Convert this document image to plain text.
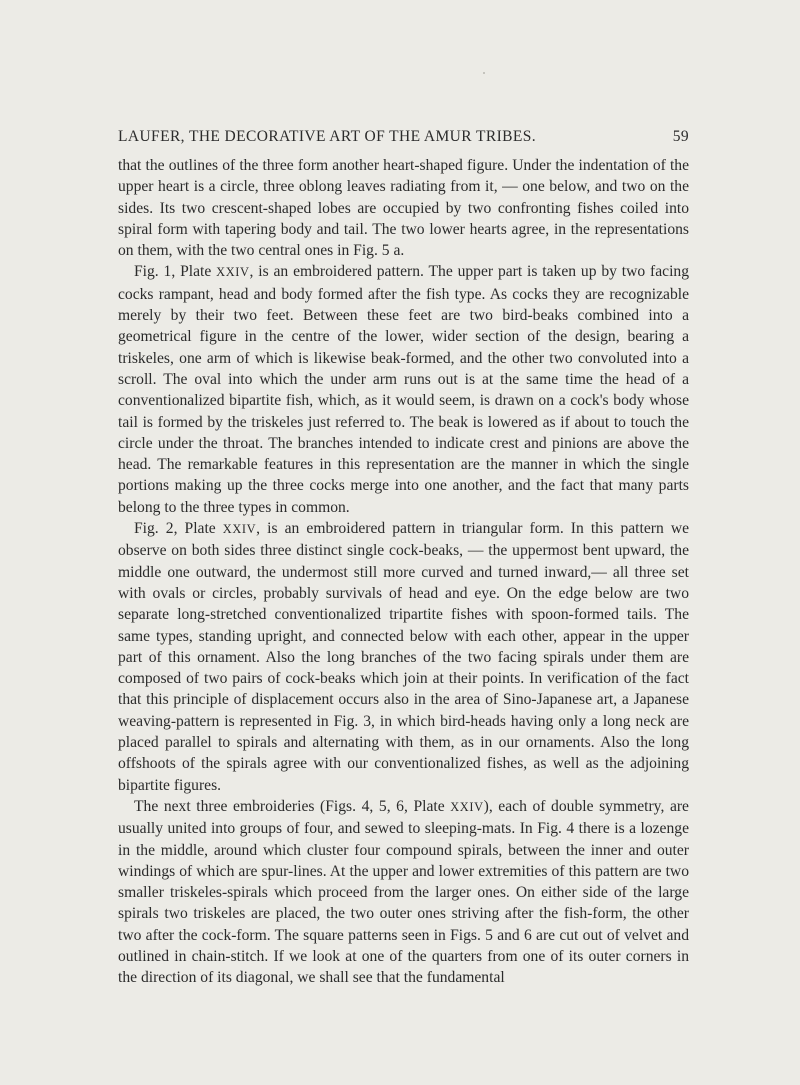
LAUFER, THE DECORATIVE ART OF THE AMUR TRIBES.	59

that the outlines of the three form another heart-shaped figure. Under the indentation of the upper heart is a circle, three oblong leaves radiating from it, — one below, and two on the sides. Its two crescent-shaped lobes are occupied by two confronting fishes coiled into spiral form with tapering body and tail. The two lower hearts agree, in the representations on them, with the two central ones in Fig. 5 a.

Fig. 1, Plate XXIV, is an embroidered pattern. The upper part is taken up by two facing cocks rampant, head and body formed after the fish type. As cocks they are recognizable merely by their two feet. Between these feet are two bird-beaks combined into a geometrical figure in the centre of the lower, wider section of the design, bearing a triskeles, one arm of which is likewise beak-formed, and the other two convoluted into a scroll. The oval into which the under arm runs out is at the same time the head of a conventionalized bipartite fish, which, as it would seem, is drawn on a cock's body whose tail is formed by the triskeles just referred to. The beak is lowered as if about to touch the circle under the throat. The branches intended to indicate crest and pinions are above the head. The remarkable features in this representation are the manner in which the single portions making up the three cocks merge into one another, and the fact that many parts belong to the three types in common.

Fig. 2, Plate XXIV, is an embroidered pattern in triangular form. In this pattern we observe on both sides three distinct single cock-beaks, — the uppermost bent upward, the middle one outward, the undermost still more curved and turned inward,— all three set with ovals or circles, probably survivals of head and eye. On the edge below are two separate long-stretched conventionalized tripartite fishes with spoon-formed tails. The same types, standing upright, and connected below with each other, appear in the upper part of this ornament. Also the long branches of the two facing spirals under them are composed of two pairs of cock-beaks which join at their points. In verification of the fact that this principle of displacement occurs also in the area of Sino-Japanese art, a Japanese weaving-pattern is represented in Fig. 3, in which bird-heads having only a long neck are placed parallel to spirals and alternating with them, as in our ornaments. Also the long offshoots of the spirals agree with our conventionalized fishes, as well as the adjoining bipartite figures.

The next three embroideries (Figs. 4, 5, 6, Plate XXIV), each of double symmetry, are usually united into groups of four, and sewed to sleeping-mats. In Fig. 4 there is a lozenge in the middle, around which cluster four compound spirals, between the inner and outer windings of which are spur-lines. At the upper and lower extremities of this pattern are two smaller triskeles-spirals which proceed from the larger ones. On either side of the large spirals two triskeles are placed, the two outer ones striving after the fish-form, the other two after the cock-form. The square patterns seen in Figs. 5 and 6 are cut out of velvet and outlined in chain-stitch. If we look at one of the quarters from one of its outer corners in the direction of its diagonal, we shall see that the fundamental
